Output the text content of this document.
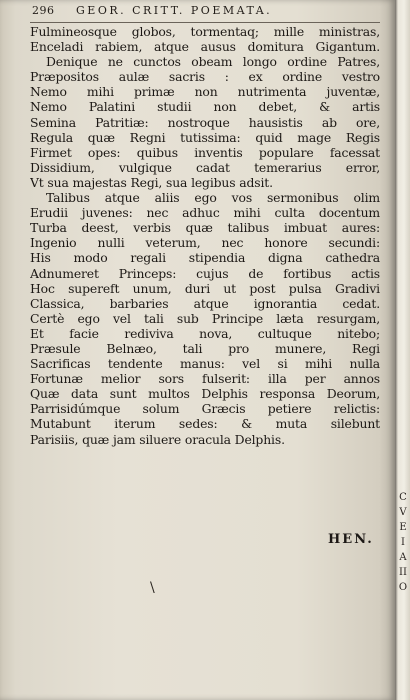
296 GEOR. CRITT. POEMATA.
Fulmineosque globos, tormentaq; mille ministras,
Enceladi rabiem, atque ausus domitura Gigantum.
Denique ne cunctos obeam longo ordine Patres,
Præpositos aulæ sacris : ex ordine vestro
Nemo mihi primæ non nutrimenta juventæ,
Nemo Palatini studii non debet, & artis
Semina Patritiæ: nostroque hausistis ab ore,
Regula quæ Regni tutissima: quid mage Regis
Firmet opes: quibus inventis populare facessat
Dissidium, vulgique cadat temerarius error,
Vt sua majestas Regi, sua legibus adsit.
Talibus atque aliis ego vos sermonibus olim
Erudii juvenes: nec adhuc mihi culta docentum
Turba deest, verbis quæ talibus imbuat aures:
Ingenio nulli veterum, nec honore secundi:
His modo regali stipendia digna cathedra
Adnumeret Princeps: cujus de fortibus actis
Hoc supereft unum, duri ut post pulsa Gradivi
Classica, barbaries atque ignorantia cedat.
Certè ego vel tali sub Principe læta resurgam,
Et facie rediviva nova, cultuque nitebo;
Præsule Belnæo, tali pro munere, Regi
Sacrificas tendente manus: vel si mihi nulla
Fortunæ melior sors fulserit: illa per annos
Quæ data sunt multos Delphis responsa Deorum,
Parrisidúmque solum Græcis petiere relictis:
Mutabunt iterum sedes: & muta silebunt
Parisiis, quæ jam siluere oracula Delphis.
HEN.
\
C
V
E
I
A
II
O
